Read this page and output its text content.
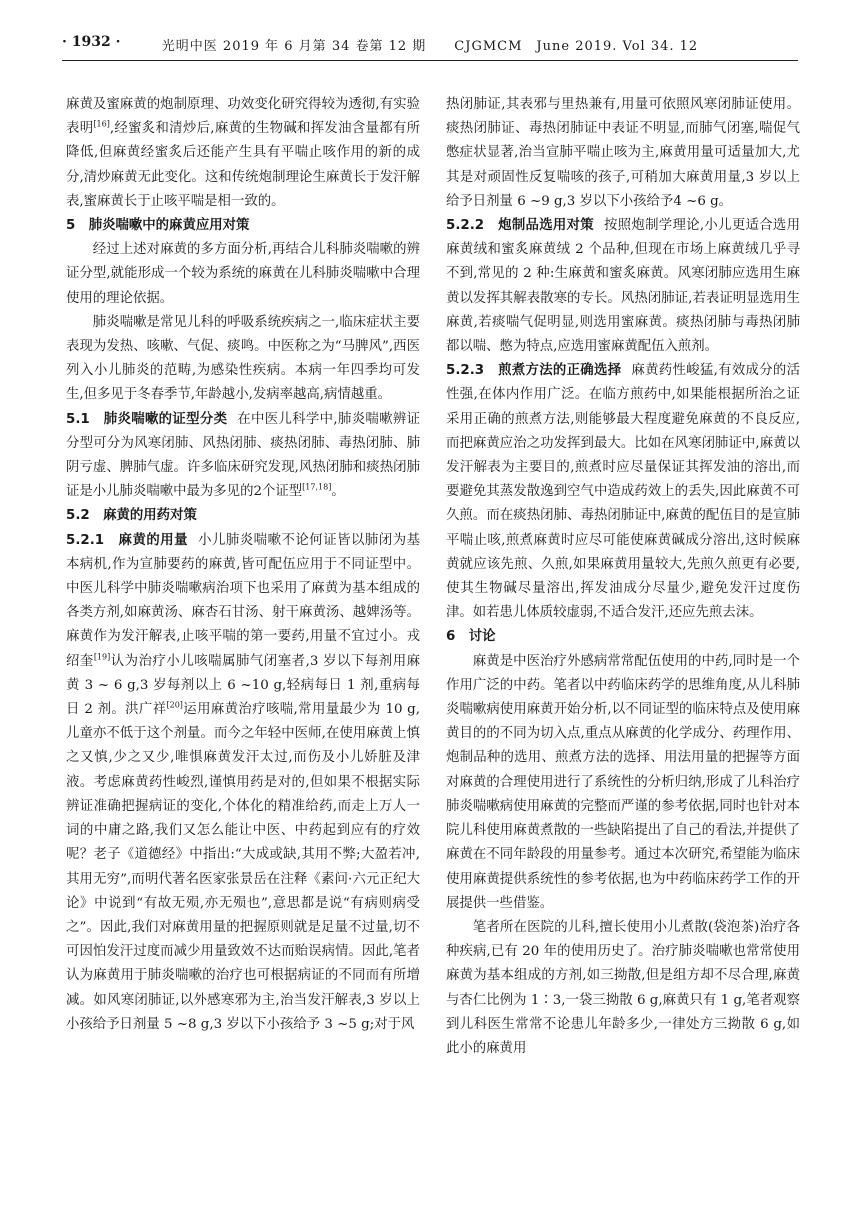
· 1932 ·	光明中医 2019 年 6 月第 34 卷第 12 期　　CJGMCM　June 2019. Vol 34. 12

麻黄及蜜麻黄的炮制原理、功效变化研究得较为透彻,有实验表明[16],经蜜炙和清炒后,麻黄的生物碱和挥发油含量都有所降低,但麻黄经蜜炙后还能产生具有平喘止咳作用的新的成分,清炒麻黄无此变化。这和传统炮制理论生麻黄长于发汗解表,蜜麻黄长于止咳平喘是相一致的。

5　肺炎喘嗽中的麻黄应用对策

经过上述对麻黄的多方面分析,再结合儿科肺炎喘嗽的辨证分型,就能形成一个较为系统的麻黄在儿科肺炎喘嗽中合理使用的理论依据。

肺炎喘嗽是常见儿科的呼吸系统疾病之一,临床症状主要表现为发热、咳嗽、气促、痰鸣。中医称之为“马脾风”,西医列入小儿肺炎的范畴,为感染性疾病。本病一年四季均可发生,但多见于冬春季节,年龄越小,发病率越高,病情越重。

5.1　肺炎喘嗽的证型分类 在中医儿科学中,肺炎喘嗽辨证分型可分为风寒闭肺、风热闭肺、痰热闭肺、毒热闭肺、肺阴亏虚、脾肺气虚。许多临床研究发现,风热闭肺和痰热闭肺证是小儿肺炎喘嗽中最为多见的2个证型[17,18]。

5.2　麻黄的用药对策

5.2.1　麻黄的用量 小儿肺炎喘嗽不论何证皆以肺闭为基本病机,作为宣肺要药的麻黄,皆可配伍应用于不同证型中。中医儿科学中肺炎喘嗽病治项下也采用了麻黄为基本组成的各类方剂,如麻黄汤、麻杏石甘汤、射干麻黄汤、越婢汤等。麻黄作为发汗解表,止咳平喘的第一要药,用量不宜过小。戎绍奎[19]认为治疗小儿咳喘属肺气闭塞者,3 岁以下每剂用麻黄 3 ~ 6 g,3 岁每剂以上 6 ~10 g,轻病每日 1 剂,重病每日 2 剂。洪广祥[20]运用麻黄治疗咳喘,常用量最少为 10 g,儿童亦不低于这个剂量。而今之年轻中医师,在使用麻黄上慎之又慎,少之又少,唯惧麻黄发汗太过,而伤及小儿娇脏及津液。考虑麻黄药性峻烈,谨慎用药是对的,但如果不根据实际辨证准确把握病证的变化,个体化的精准给药,而走上万人一词的中庸之路,我们又怎么能让中医、中药起到应有的疗效呢？老子《道德经》中指出:“大成或缺,其用不弊;大盈若冲,其用无穷”,而明代著名医家张景岳在注释《素问·六元正纪大论》中说到“有故无殒,亦无殒也”,意思都是说“有病则病受之”。因此,我们对麻黄用量的把握原则就是足量不过量,切不可因怕发汗过度而减少用量致效不达而贻误病情。因此,笔者认为麻黄用于肺炎喘嗽的治疗也可根据病证的不同而有所增减。如风寒闭肺证,以外感寒邪为主,治当发汗解表,3 岁以上小孩给予日剂量 5 ~8 g,3 岁以下小孩给予 3 ~5 g;对于风

热闭肺证,其表邪与里热兼有,用量可依照风寒闭肺证使用。痰热闭肺证、毒热闭肺证中表证不明显,而肺气闭塞,喘促气憋症状显著,治当宣肺平喘止咳为主,麻黄用量可适量加大,尤其是对顽固性反复喘咳的孩子,可稍加大麻黄用量,3 岁以上给予日剂量 6 ~9 g,3 岁以下小孩给予4 ~6 g。

5.2.2　炮制品选用对策 按照炮制学理论,小儿更适合选用麻黄绒和蜜炙麻黄绒 2 个品种,但现在市场上麻黄绒几乎寻不到,常见的 2 种:生麻黄和蜜炙麻黄。风寒闭肺应选用生麻黄以发挥其解表散寒的专长。风热闭肺证,若表证明显选用生麻黄,若痰喘气促明显,则选用蜜麻黄。痰热闭肺与毒热闭肺都以喘、憋为特点,应选用蜜麻黄配伍入煎剂。

5.2.3　煎煮方法的正确选择 麻黄药性峻猛,有效成分的活性强,在体内作用广泛。在临方煎药中,如果能根据所治之证采用正确的煎煮方法,则能够最大程度避免麻黄的不良反应,而把麻黄应治之功发挥到最大。比如在风寒闭肺证中,麻黄以发汗解表为主要目的,煎煮时应尽量保证其挥发油的溶出,而要避免其蒸发散逸到空气中造成药效上的丢失,因此麻黄不可久煎。而在痰热闭肺、毒热闭肺证中,麻黄的配伍目的是宣肺平喘止咳,煎煮麻黄时应尽可能使麻黄碱成分溶出,这时候麻黄就应该先煎、久煎,如果麻黄用量较大,先煎久煎更有必要,使其生物碱尽量溶出,挥发油成分尽量少,避免发汗过度伤津。如若患儿体质较虚弱,不适合发汗,还应先煎去沫。

6　讨论

麻黄是中医治疗外感病常常配伍使用的中药,同时是一个作用广泛的中药。笔者以中药临床药学的思维角度,从儿科肺炎喘嗽病使用麻黄开始分析,以不同证型的临床特点及使用麻黄目的的不同为切入点,重点从麻黄的化学成分、药理作用、炮制品种的选用、煎煮方法的选择、用法用量的把握等方面对麻黄的合理使用进行了系统性的分析归纳,形成了儿科治疗肺炎喘嗽病使用麻黄的完整而严谨的参考依据,同时也针对本院儿科使用麻黄煮散的一些缺陷提出了自己的看法,并提供了麻黄在不同年龄段的用量参考。通过本次研究,希望能为临床使用麻黄提供系统性的参考依据,也为中药临床药学工作的开展提供一些借鉴。

笔者所在医院的儿科,擅长使用小儿煮散(袋泡茶)治疗各种疾病,已有 20 年的使用历史了。治疗肺炎喘嗽也常常使用麻黄为基本组成的方剂,如三拗散,但是组方却不尽合理,麻黄与杏仁比例为 1∶3,一袋三拗散 6 g,麻黄只有 1 g,笔者观察到儿科医生常常不论患儿年龄多少,一律处方三拗散 6 g,如此小的麻黄用
